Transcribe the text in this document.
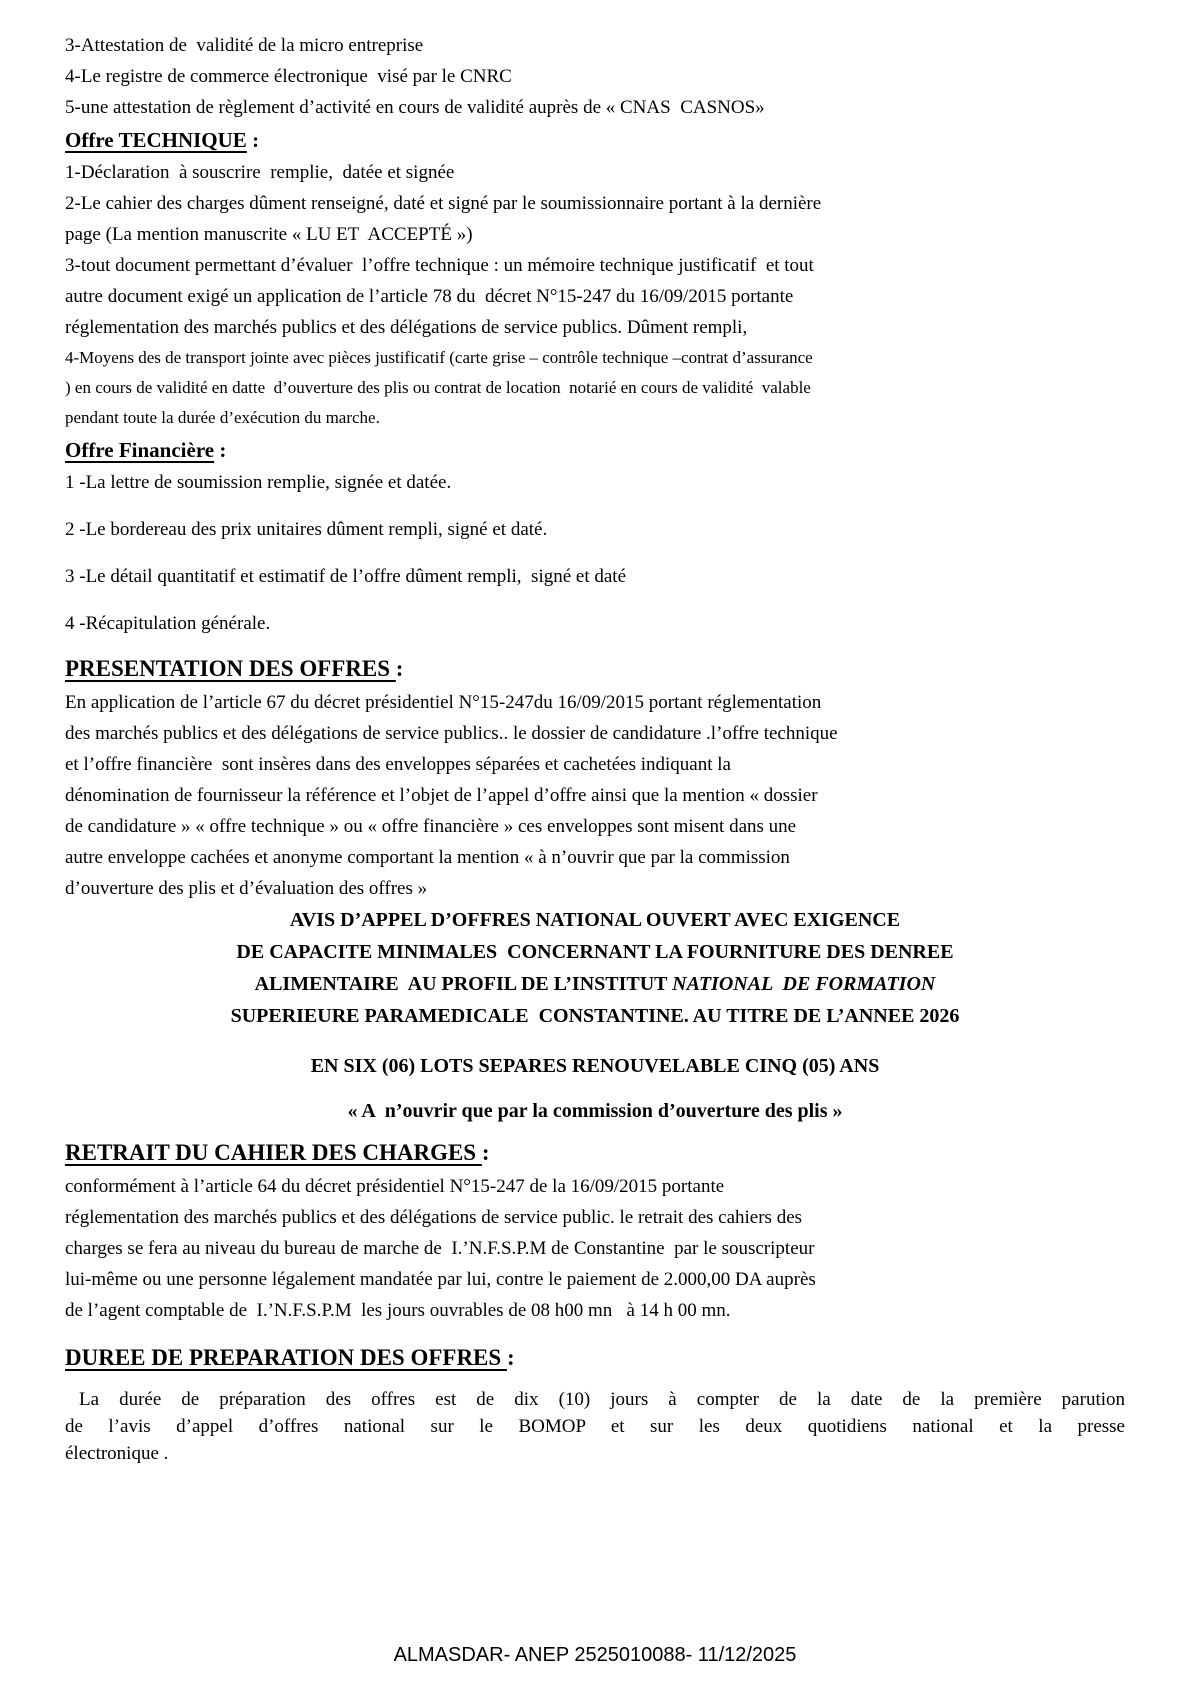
3-Attestation de  validité de la micro entreprise
4-Le registre de commerce électronique  visé par le CNRC
5-une attestation de règlement d’activité en cours de validité auprès de « CNAS  CASNOS»
Offre TECHNIQUE :
1-Déclaration  à souscrire  remplie,  datée et signée
2-Le cahier des charges dûment renseigné, daté et signé par le soumissionnaire portant à la dernière
page (La mention manuscrite « LU ET  ACCEPTÉ »)
3-tout document permettant d’évaluer  l’offre technique : un mémoire technique justificatif  et tout
autre document exigé un application de l’article 78 du  décret N°15-247 du 16/09/2015 portante
réglementation des marchés publics et des délégations de service publics. Dûment rempli,
4-Moyens des de transport jointe avec pièces justificatif (carte grise – contrôle technique –contrat d’assurance
) en cours de validité en datte  d’ouverture des plis ou contrat de location  notarié en cours de validité  valable
pendant toute la durée d’exécution du marche.
Offre Financière :
1 -La lettre de soumission remplie, signée et datée.
2 -Le bordereau des prix unitaires dûment rempli, signé et daté.
3 -Le détail quantitatif et estimatif de l’offre dûment rempli,  signé et daté
4 -Récapitulation générale.
PRESENTATION DES OFFRES :
En application de l’article 67 du décret présidentiel N°15-247du 16/09/2015 portant réglementation
des marchés publics et des délégations de service publics.. le dossier de candidature .l’offre technique
et l’offre financière  sont insères dans des enveloppes séparées et cachetées indiquant la
dénomination de fournisseur la référence et l’objet de l’appel d’offre ainsi que la mention « dossier
de candidature » « offre technique » ou « offre financière » ces enveloppes sont misent dans une
autre enveloppe cachées et anonyme comportant la mention « à n’ouvrir que par la commission
d’ouverture des plis et d’évaluation des offres »
AVIS D’APPEL D’OFFRES NATIONAL OUVERT AVEC EXIGENCE
DE CAPACITE MINIMALES  CONCERNANT LA FOURNITURE DES DENREE
ALIMENTAIRE  AU PROFIL DE L’INSTITUT NATIONAL  DE FORMATION
SUPERIEURE PARAMEDICALE  CONSTANTINE. AU TITRE DE L’ANNEE 2026
EN SIX (06) LOTS SEPARES RENOUVELABLE CINQ (05) ANS
« A  n’ouvrir que par la commission d’ouverture des plis »
RETRAIT DU CAHIER DES CHARGES :
conformément à l’article 64 du décret présidentiel N°15-247 de la 16/09/2015 portante
réglementation des marchés publics et des délégations de service public. le retrait des cahiers des
charges se fera au niveau du bureau de marche de  I.’N.F.S.P.M de Constantine  par le souscripteur
lui-même ou une personne légalement mandatée par lui, contre le paiement de 2.000,00 DA auprès
de l’agent comptable de  I.’N.F.S.P.M  les jours ouvrables de 08 h00 mn   à 14 h 00 mn.
DUREE DE PREPARATION DES OFFRES :
La durée de préparation des offres est de dix (10) jours à compter de la date de la première parution
de l’avis d’appel d’offres national sur le BOMOP et sur les deux quotidiens national et la presse
électronique .
ALMASDAR- ANEP 2525010088- 11/12/2025
